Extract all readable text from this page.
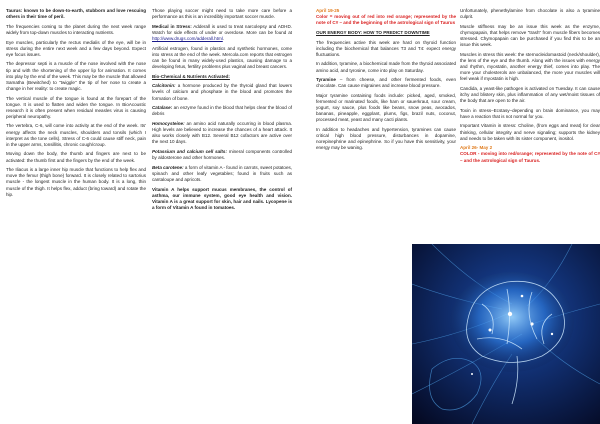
Taurus: known to be down-to-earth, stubborn and love rescuing others in their time of peril.

The frequencies coming to the planet during the next week range widely from top-down muscles to interacting nutrients.

Eye muscles, particularly the rectus medialis of the eye, will be in stress during the entire next week and a few days beyond. Expect eye focus issues.

The depressor septi is a muscle of the nose involved with the nose tip and with the shortening of the upper lip for animation. It comes into play by the end of the week. This may be the muscle that allowed Samatha (Bewitched) to "twiggle" the tip of her nose to create a change in her reality: to create magic.

The vertical muscle of the tongue is found at the forepart of the tongue. It is used to flatten and widen the tongue. In BioAcoustic research it is often present when residual measles virus is causing peripheral neuropathy.

The vertebra, C-6, will come into activity at the end of the week. Its' energy affects the neck muscles, shoulders and tonsils (which I interpret as the tone cells). Stress of C-6 could cause stiff neck, pain in the upper arms, tonsillitis, chronic cough/croup.

Moving down the body, the thumb and fingers are next to be activated: the thumb first and the fingers by the end of the week.

The Iliacus is a large inner hip muscle that functions to help flex and move the femur (thigh bone) forward. It is closely related to sartorius muscle - the longest muscle in the human body. It is a long, thin muscle of the thigh. It helps flex, adduct (bring toward) and rotate the hip.

Those playing soccer might need to take more care before a performance as this is an incredibly important soccer muscle.

Medical in Stress: Adderall is used to treat narcolepsy and ADHD. Watch for side effects of under or overdose. More can be found at http://www.drugs.com/adderall.html.

Artificial estrogen, found in plastics and synthetic hormones, come into stress at the end of the week. Mercola.com reports that estrogen can be found in many widely-used plastics, causing damage to a developing fetus, fertility problems plus vaginal and breast cancers.

Bio-Chemical & Nutrients Activated:

Calcitonin: a hormone produced by the thyroid gland that lowers levels of calcium and phosphate in the blood and promotes the formation of bone.

Catalase: an enzyme found in the blood that helps clear the blood of debris

Homocysteine: an amino acid naturally occurring in blood plasma. High levels are believed to increase the chances of a heart attack. It also works closely with B12. Several B12 cofactors are active over the next 10 days.

Potassium and calcium cell salts: mineral components controlled by aldosterone and other hormones.

Beta carotene: a form of vitamin A - found in carrots, sweet potatoes, spinach and other leafy vegetables; found in fruits such as cantaloupe and apricots.

Vitamin A helps support mucus membranes, the control of asthma, our immune system, good eye health and vision. Vitamin A is a great support for skin, hair and nails. Lycopene is a form of Vitamin A found in tomatoes.

April 19-25

Color = moving out of red into red orange; represented by the note of C# – and the beginning of the astrological sign of Taurus

OUR ENERGY BODY: HOW TO PREDICT DOWNTIME

The frequencies active this week are hard on thyroid function including the biochemical that balances T3 and T4: expect energy fluctuations.

In addition, tyramine, a biochemical made from the thyroid associated amino acid, and tyrosine, come into play on Saturday.

Tyramine – from cheese, and other fermented foods, even chocolate. Can cause migraines and increase blood pressure.

Major tyramine containing foods include: picked, aged, smoked, fermented or marinated foods, like ham or sauerkraut, sour cream, yogurt, soy sauce, plus foods like beans, snow peas, avocados, bananas, pineapple, eggplant, plums, figs, brazil nuts, coconut, processed meat, yeast and many cacti plants.

In addition to headaches and hypertension, tyramines can cause critical high blood pressure, disturbances in dopamine, norepinephrine and epinephrine. So if you have this sensitivity, your energy may be waning.

Unfortunately, phenethylamine from chocolate is also a tyramine culprit.

Muscle stiffness may be an issue this week as the enzyme, chymopapain, that helps remove "trash" from muscle fibers becomes stressed. Chymopapain can be purchased if you find this to be an issue this week.

Muscles in stress this week: the sternocleidomastoid (neck/shoulder), the lens of the eye and the thumb. Along with the issues with energy and rhythm, myostatin, another energy thief, comes into play. The more your cholesterols are unbalanced, the more your muscles will feel weak if myostatin is high.

Candida, a yeast-like pathogen is activated on Tuesday. It can cause itchy and blistery skin, plus inflammation of any wet/moist tissues of the body that are open to the air.

Toxin in stress–Ecstasy–depending on brain dominance, you may have a reaction that is not normal for you.

Important Vitamin in stress: Choline, (from eggs and meat) for clear thinking, cellular integrity and nerve signaling; supports the kidney and needs to be taken with its sister component, inositol.

April 26- May 2

COLOR - moving into red/orange; represented by the note of C# – and the astrological sign of Taurus.
